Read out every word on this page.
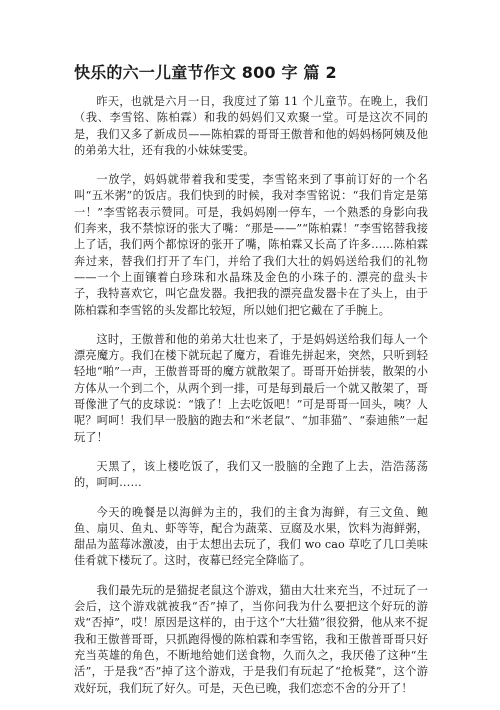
快乐的六一儿童节作文 800 字 篇 2

昨天，也就是六月一日，我度过了第 11 个儿童节。在晚上，我们（我、李雪铭、陈柏霖）和我的妈妈们又欢聚一堂。可是这次不同的是，我们又多了新成员——陈柏霖的哥哥王傲普和他的妈妈杨阿姨及他的弟弟大壮，还有我的小妹妹雯雯。

一放学，妈妈就带着我和雯雯，李雪铭来到了事前订好的一个名叫“五米粥”的饭店。我们快到的时候，我对李雪铭说：“我们肯定是第一！”李雪铭表示赞同。可是，我妈妈刚一停车，一个熟悉的身影向我们奔来，我不禁惊讶的张大了嘴：“那是——”“陈柏霖！”李雪铭替我接上了话，我们两个都惊讶的张开了嘴，陈柏霖又长高了许多……陈柏霖奔过来，替我们打开了车门，并给了我们大壮的妈妈送给我们的礼物——一个上面镶着白珍珠和水晶珠及金色的小珠子的. 漂亮的盘头卡子，我特喜欢它，叫它盘发器。我把我的漂亮盘发器卡在了头上，由于陈柏霖和李雪铭的头发都比较短，所以她们把它戴在了手腕上。

这时，王傲普和他的弟弟大壮也来了，于是妈妈送给我们每人一个漂亮魔方。我们在楼下就玩起了魔方，看谁先拼起来，突然，只听到轻轻地“啪”一声，王傲普哥哥的魔方就散架了。哥哥开始拼装，散架的小方体从一个到二个，从两个到一排，可是每到最后一个就又散架了，哥哥像泄了气的皮球说：“饿了！上去吃饭吧！”可是哥哥一回头，咦？人呢？呵呵！我们早一股脑的跑去和“米老鼠”、“加菲猫”、“泰迪熊”一起玩了！

天黑了，该上楼吃饭了，我们又一股脑的全跑了上去，浩浩荡荡的，呵呵……

今天的晚餐是以海鲜为主的，我们的主食为海鲜，有三文鱼、鲍鱼、扇贝、鱼丸、虾等等，配合为蔬菜、豆腐及水果，饮料为海鲜粥，甜品为蓝莓冰激凌，由于太想出去玩了，我们 wo cao 草吃了几口美味佳肴就下楼玩了。这时，夜幕已经完全降临了。

我们最先玩的是猫捉老鼠这个游戏，猫由大壮来充当，不过玩了一会后，这个游戏就被我“否”掉了，当你问我为什么要把这个好玩的游戏“否掉”，哎！原因是这样的，由于这个“大壮猫”很狡猾，他从来不捉我和王傲普哥哥，只抓跑得慢的陈柏霖和李雪铭，我和王傲普哥哥只好充当英雄的角色，不断地给她们送食物，久而久之，我厌倦了这种“生活”，于是我“否”掉了这个游戏，于是我们有玩起了“抢板凳”，这个游戏好玩，我们玩了好久。可是，天色已晚，我们恋恋不舍的分开了！
